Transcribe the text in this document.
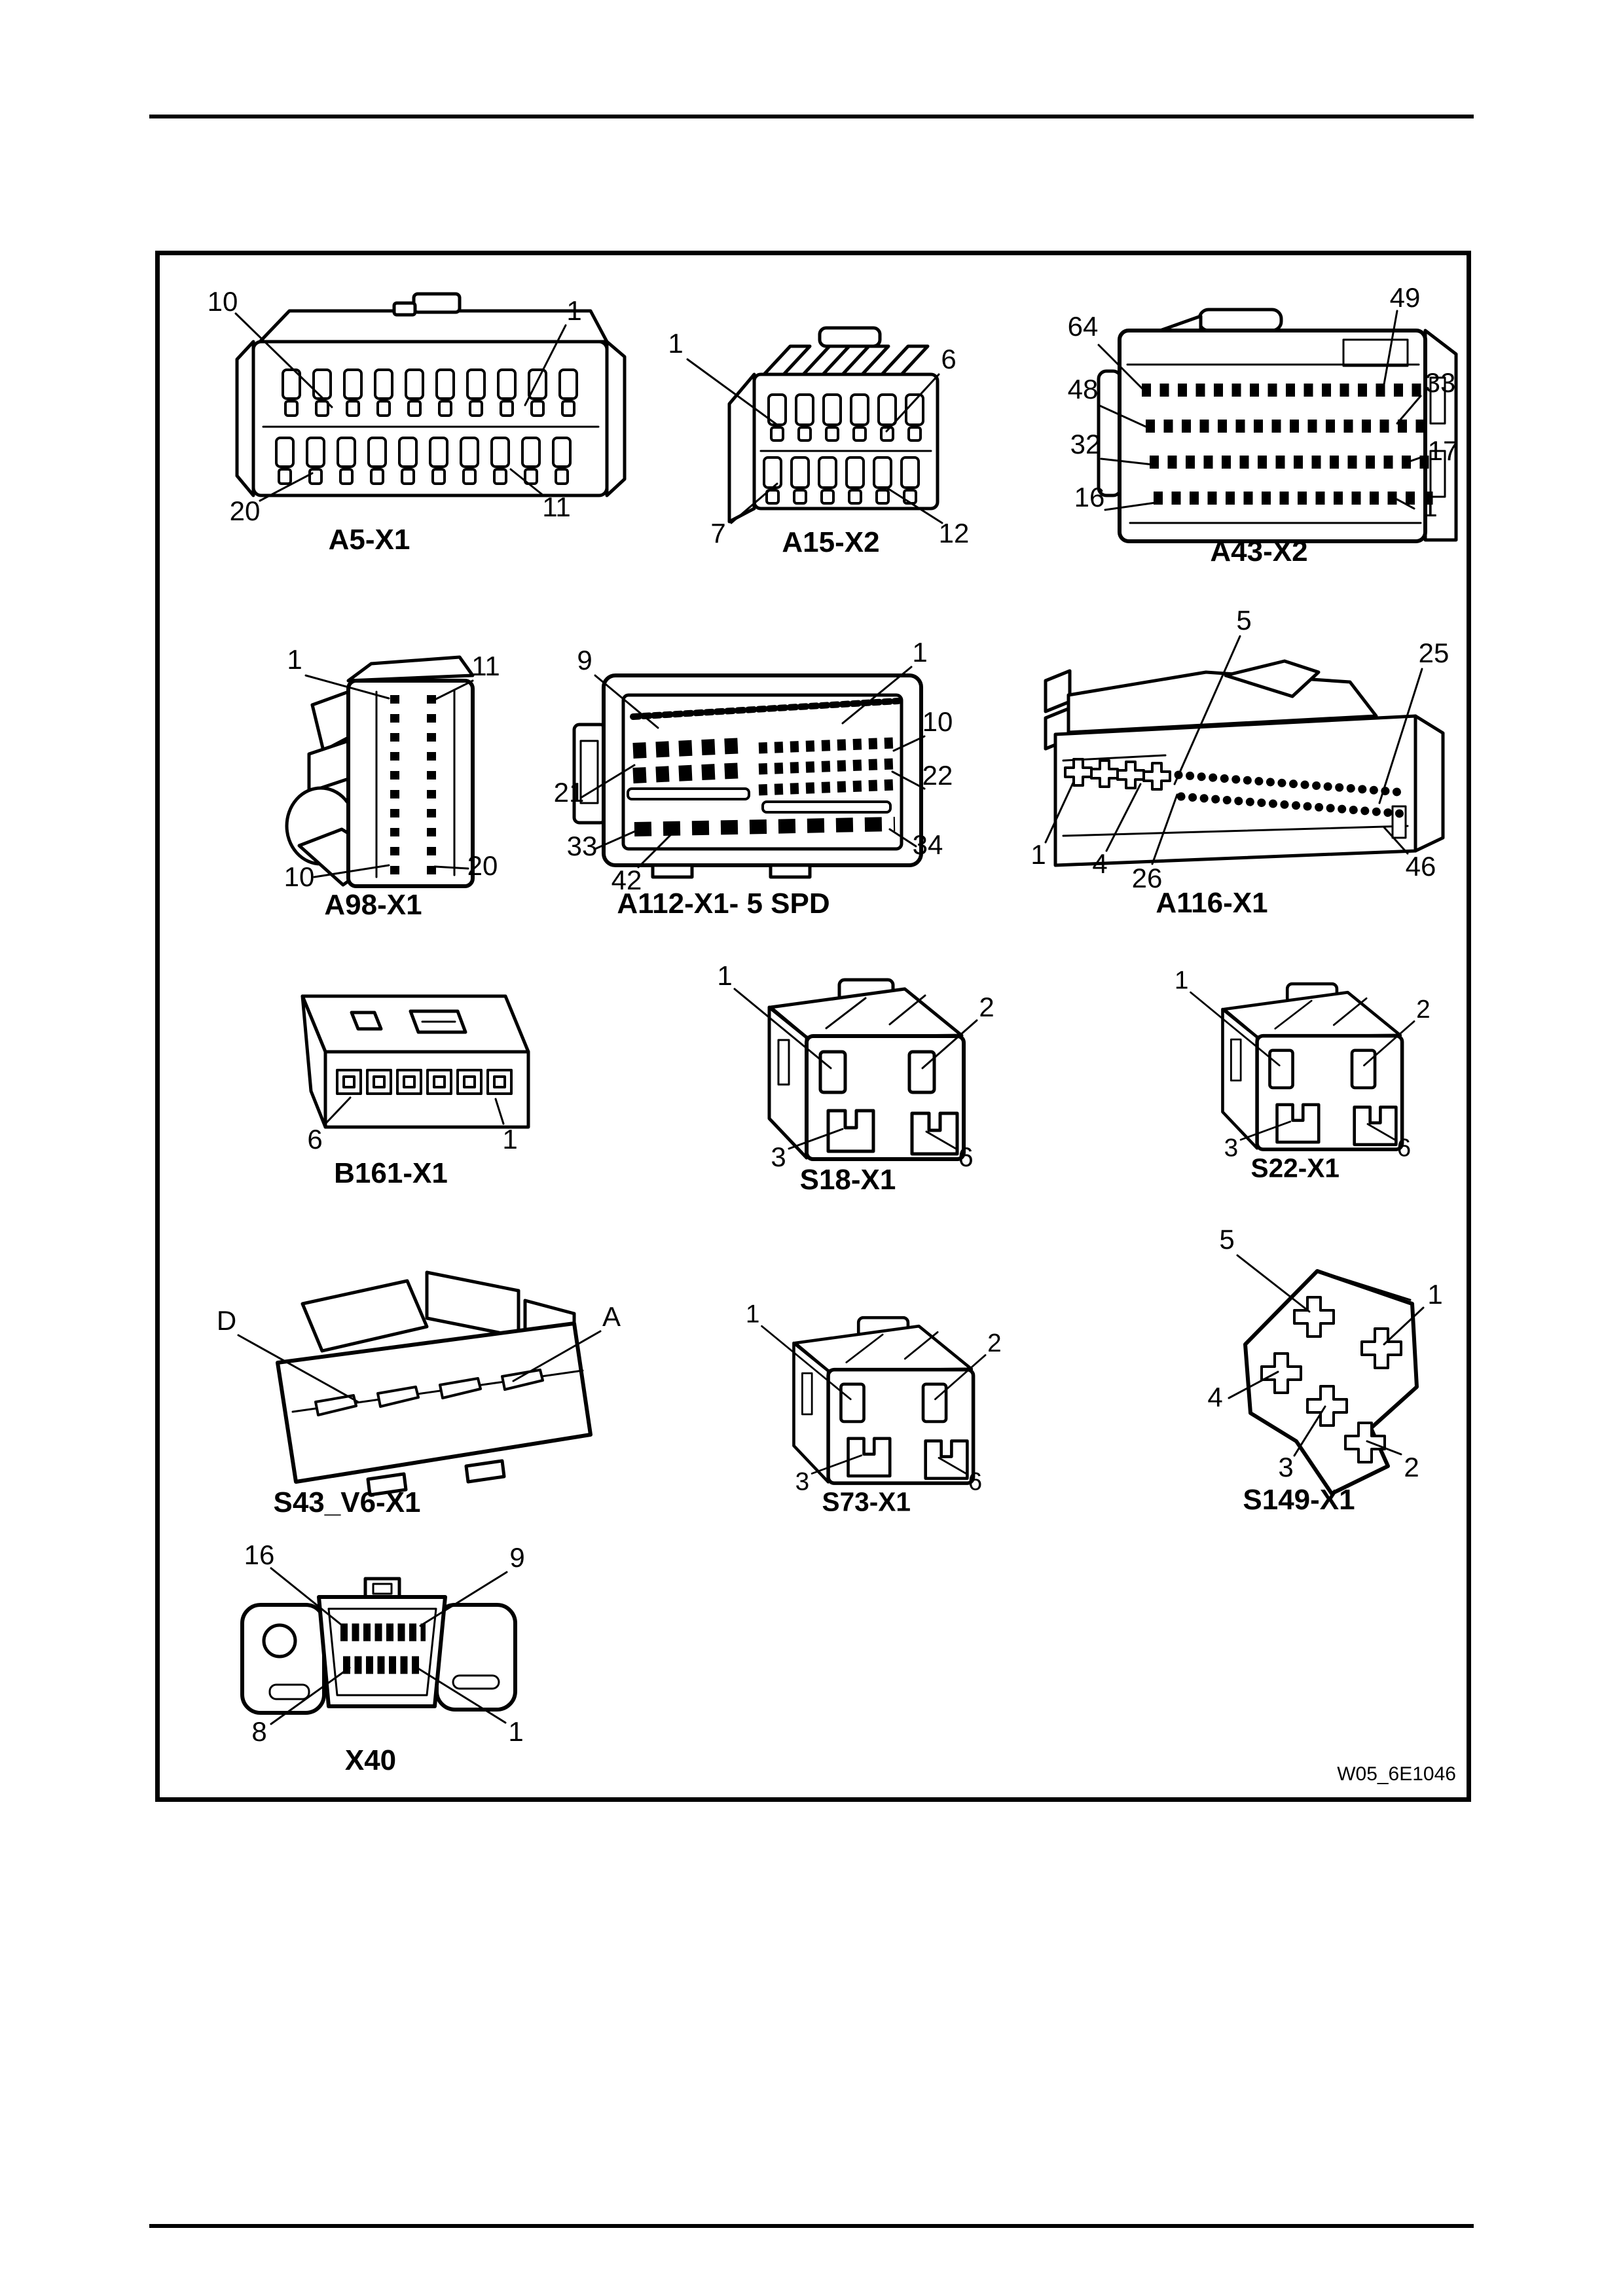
10	1
20	11
A5-X1
1
6
7	12
A15-X2
64
48
32
16
49
33
17
1
A43-X2
1	11
10	20
A98-X1
9	1
10
21
22
33
42
34
A112-X1- 5 SPD
5
25
1 4 26	46
A116-X1
6	1
B161-X1
1
2
3	6
S18-X1
1
2
3	6
S22-X1
D	A
S43_V6-X1
1
2
3	6
S73-X1
5
1
4
3	2
S149-X1
16	9
8	1
X40	W05_6E1046
